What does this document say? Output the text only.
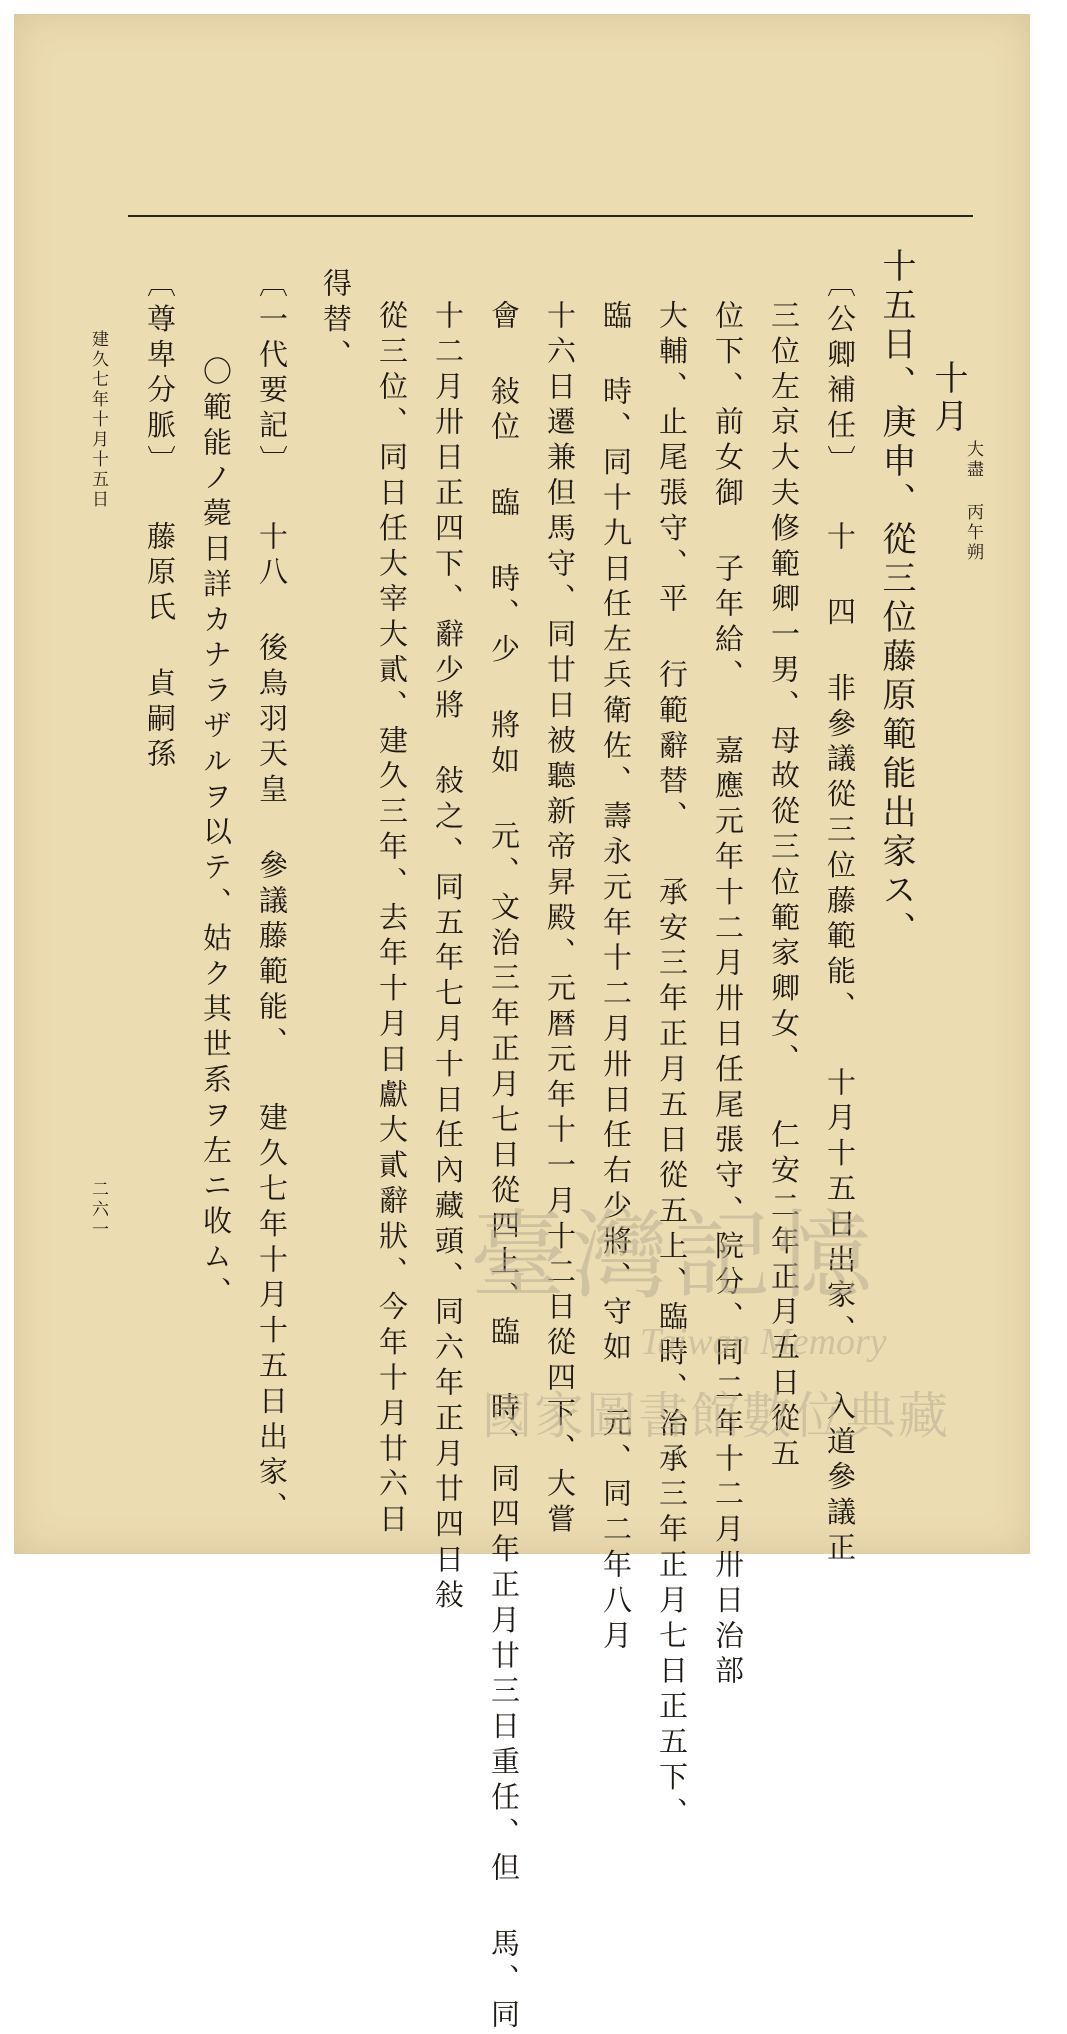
十月
大盡 丙午朔
十五日、庚申、從三位藤原範能出家ス、
〔公卿補任〕 十 四 非參議從三位藤範能、 十月十五日出家、 入道參議正
三位左京大夫修範卿一男、母故從三位範家卿女、 仁安二年正月五日從五
位下、前女御 子年給、 嘉應元年十二月卅日任尾張守、院分、同二年十二月卅日治部
大輔、止尾張守、平 行範辭替、 承安三年正月五日從五上、臨時、治承三年正月七日正五下、
臨 時、同十九日任左兵衛佐、壽永元年十二月卅日任右少將、守如 元、同二年八月
十六日遷兼但馬守、同廿日被聽新帝昇殿、元暦元年十一月十二日從四下、大嘗
會 敍位 臨 時、少 將如 元、文治三年正月七日從四上、臨 時、同四年正月廿三日重任、但 馬、同
十二月卅日正四下、辭少將 敍之、同五年七月十日任內藏頭、同六年正月廿四日敍
從三位、同日任大宰大貳、建久三年、去年十月日獻大貳辭狀、今年十月廿六日
得替、
〔一代要記〕 十八 後鳥羽天皇 參議藤範能、 建久七年十月十五日出家、
〇範能ノ薨日詳カナラザルヲ以テ、姑ク其世系ヲ左ニ收ム、
〔尊卑分脈〕 藤原氏 貞嗣孫
建久七年十月十五日
二六一	臺灣記憶
Taiwan Memory
國家圖書館數位典藏
